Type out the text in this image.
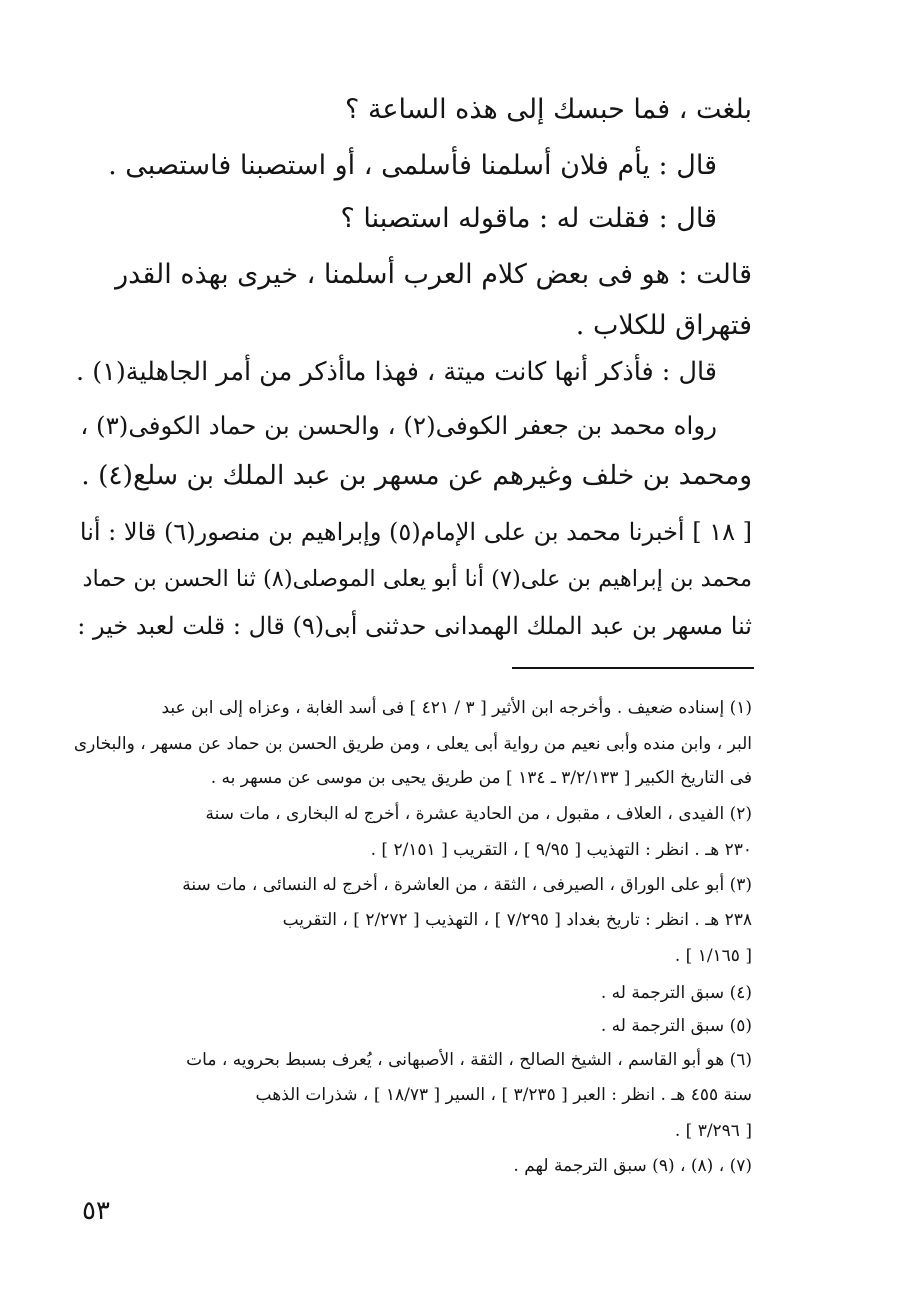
بلغت ، فما حبسك إلى هذه الساعة ؟

قال : يأم فلان أسلمنا فأسلمى ، أو استصبنا فاستصبى .

قال : فقلت له : ماقوله استصبنا ؟

قالت : هو فى بعض كلام العرب أسلمنا ، خيرى بهذه القدر

فتهراق للكلاب .

قال : فأذكر أنها كانت ميتة ، فهذا ماأذكر من أمر الجاهلية(١) .

رواه محمد بن جعفر الكوفى(٢) ، والحسن بن حماد الكوفى(٣) ،

ومحمد بن خلف وغيرهم عن مسهر بن عبد الملك بن سلع(٤) .

[ ١٨ ] أخبرنا محمد بن على الإمام(٥) وإبراهيم بن منصور(٦) قالا : أنا

محمد بن إبراهيم بن على(٧) أنا أبو يعلى الموصلى(٨) ثنا الحسن بن حماد

ثنا مسهر بن عبد الملك الهمدانى حدثنى أبى(٩) قال : قلت لعبد خير :

(١) إسناده ضعيف . وأخرجه ابن الأثير [ ٣ / ٤٢١ ] فى أسد الغابة ، وعزاه إلى ابن عبد

البر ، وابن منده وأبى نعيم من رواية أبى يعلى ، ومن طريق الحسن بن حماد عن مسهر ، والبخارى

فى التاريخ الكبير [ ٣/٢/١٣٣ ـ ١٣٤ ] من طريق يحيى بن موسى عن مسهر به .

(٢) الفيدى ، العلاف ، مقبول ، من الحادية عشرة ، أخرج له البخارى ، مات سنة

٢٣٠ هـ . انظر : التهذيب [ ٩/٩٥ ] ، التقريب [ ٢/١٥١ ] .

(٣) أبو على الوراق ، الصيرفى ، الثقة ، من العاشرة ، أخرج له النسائى ، مات سنة

٢٣٨ هـ . انظر : تاريخ بغداد [ ٧/٢٩٥ ] ، التهذيب [ ٢/٢٧٢ ] ، التقريب

[ ١/١٦٥ ] .

(٤) سبق الترجمة له .

(٥) سبق الترجمة له .

(٦) هو أبو القاسم ، الشيخ الصالح ، الثقة ، الأصبهانى ، يُعرف بسبط بحرويه ، مات

سنة ٤٥٥ هـ . انظر : العبر [ ٣/٢٣٥ ] ، السير [ ١٨/٧٣ ] ، شذرات الذهب

[ ٣/٢٩٦ ] .

(٧) ، (٨) ، (٩) سبق الترجمة لهم .

٥٣
